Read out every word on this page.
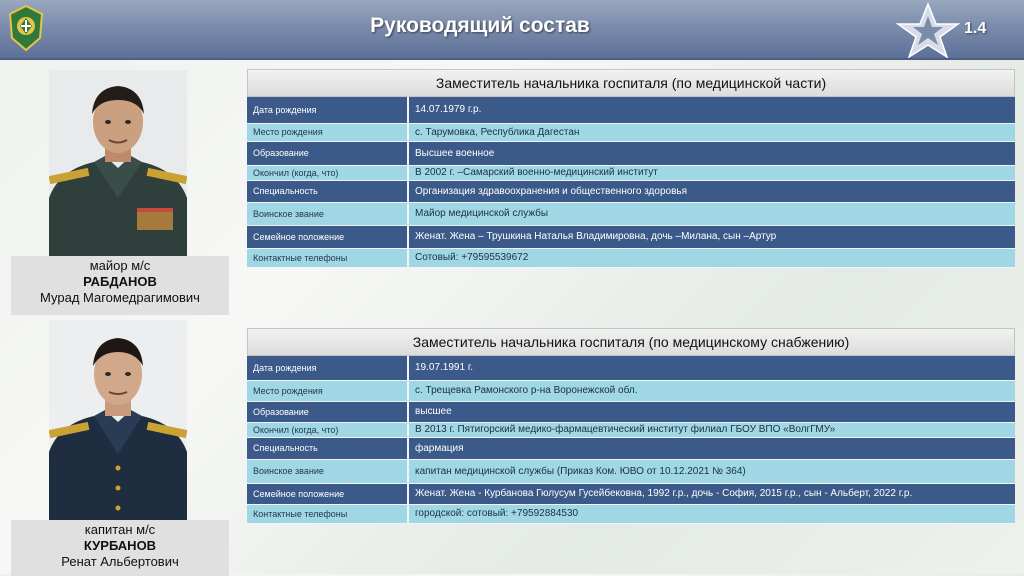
Руководящий состав	1.4
майор м/с
РАБДАНОВ
Мурад Магомедрагимович
Заместитель начальника госпиталя (по медицинской части)
Дата рождения	14.07.1979 г.р.
Место рождения	с. Тарумовка, Республика Дагестан
Образование	Высшее военное
Окончил (когда, что)	В 2002 г. –Самарский военно-медицинский институт
Специальность	Организация здравоохранения и общественного здоровья
Воинское звание	Майор медицинской службы
Семейное положение	Женат. Жена – Трушкина Наталья Владимировна, дочь –Милана, сын –Артур
Контактные телефоны	Сотовый: +79595539672
капитан м/с
КУРБАНОВ
Ренат Альбертович
Заместитель начальника госпиталя (по медицинскому снабжению)
Дата рождения	19.07.1991 г.
Место рождения	с. Трещевка Рамонского р-на Воронежской обл.
Образование	высшее
Окончил (когда, что)	В 2013 г. Пятигорский медико-фармацевтический институт филиал ГБОУ ВПО «ВолгГМУ»
Специальность	фармация
Воинское звание	капитан медицинской службы (Приказ Ком. ЮВО от 10.12.2021 № 364)
Семейное положение	Женат. Жена - Курбанова Гюлусум Гусейбековна, 1992 г.р., дочь - София, 2015 г.р., сын - Альберт, 2022 г.р.
Контактные телефоны	городской: сотовый: +79592884530
